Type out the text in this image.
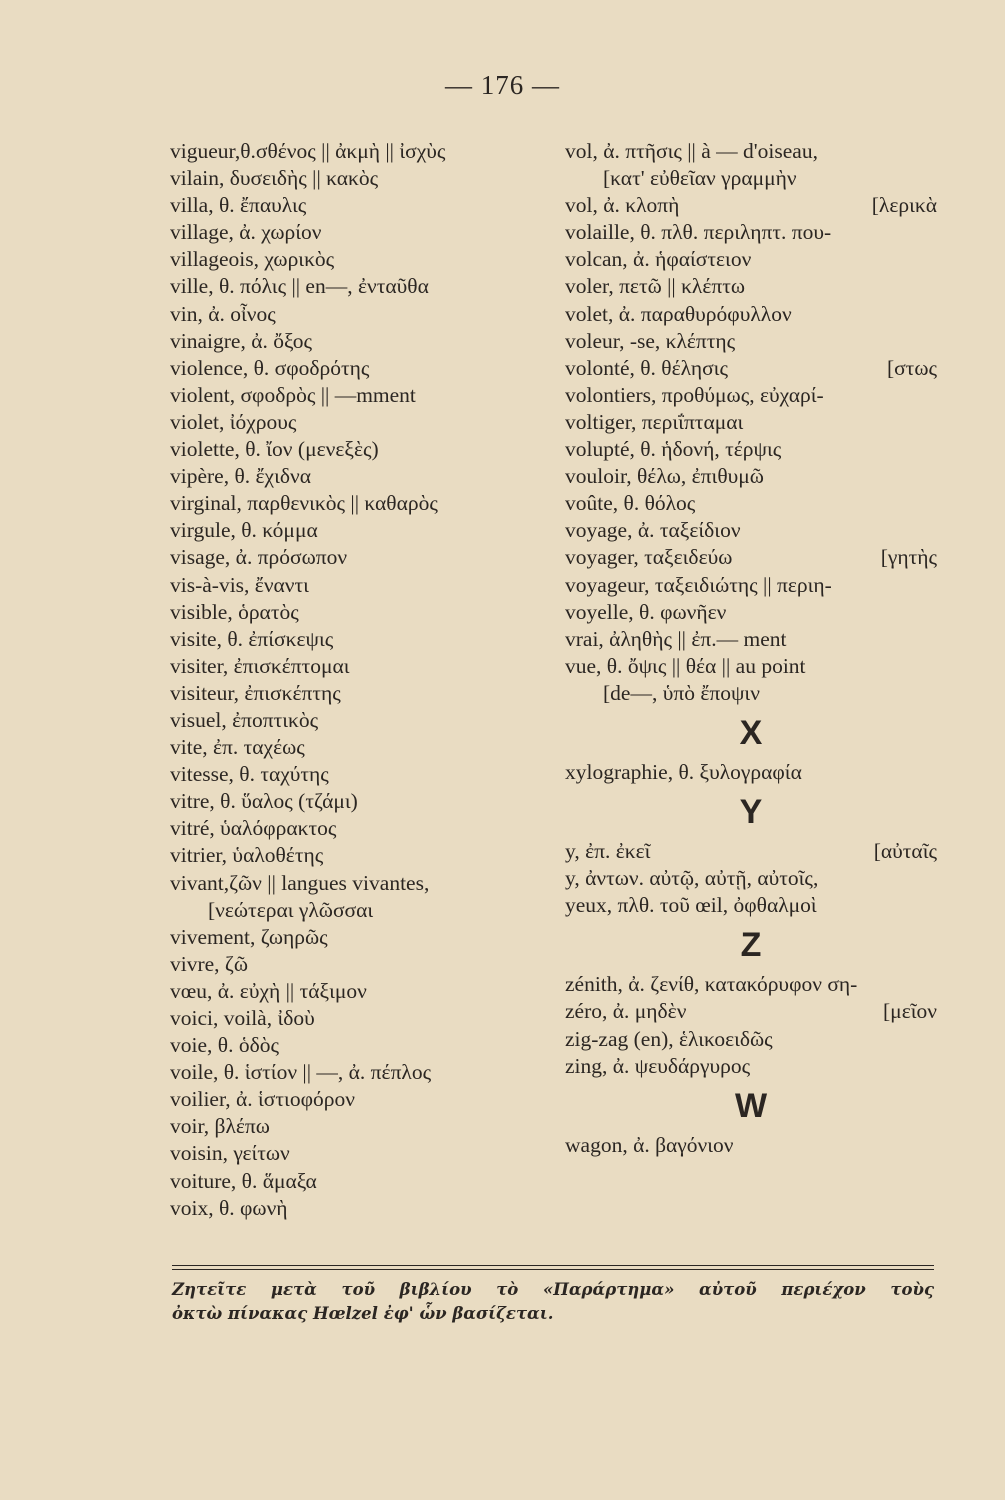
— 176 —
vigueur,θ.σθένος || ἀκμὴ || ἰσχὺς
vilain, δυσειδὴς || κακὸς
villa, θ. ἔπαυλις
village, ἀ. χωρίον
villageois, χωρικὸς
ville, θ. πόλις || en—, ἐνταῦθα
vin, ἀ. οἶνος
vinaigre, ἀ. ὄξος
violence, θ. σφοδρότης
violent, σφοδρὸς || —mment
violet, ἰόχρους
violette, θ. ἴον (μενεξὲς)
vipère, θ. ἔχιδνα
virginal, παρθενικὸς || καθαρὸς
virgule, θ. κόμμα
visage, ἀ. πρόσωπον
vis-à-vis, ἔναντι
visible, ὁρατὸς
visite, θ. ἐπίσκεψις
visiter, ἐπισκέπτομαι
visiteur, ἐπισκέπτης
visuel, ἐποπτικὸς
vite, ἐπ. ταχέως
vitesse, θ. ταχύτης
vitre, θ. ὕαλος (τζάμι)
vitré, ὑαλόφρακτος
vitrier, ὑαλοθέτης
vivant,ζῶν || langues vivantes,
[νεώτεραι γλῶσσαι
vivement, ζωηρῶς
vivre, ζῶ
vœu, ἀ. εὐχὴ || τάξιμον
voici, voilà, ἰδοὺ
voie, θ. ὁδὸς
voile, θ. ἱστίον || —, ἀ. πέπλος
voilier, ἀ. ἱστιοφόρον
voir, βλέπω
voisin, γείτων
voiture, θ. ἅμαξα
voix, θ. φωνὴ
vol, ἀ. πτῆσις || à — d'oiseau,
[κατ' εὐθεῖαν γραμμὴν
vol, ἀ. κλοπὴ	[λερικὰ
volaille, θ. πλθ. περιληπτ. που-
volcan, ἀ. ἡφαίστειον
voler, πετῶ || κλέπτω
volet, ἀ. παραθυρόφυλλον
voleur, -se, κλέπτης
volonté, θ. θέλησις	[στως
volontiers, προθύμως, εὐχαρί-
voltiger, περιΐπταμαι
volupté, θ. ἡδονή, τέρψις
vouloir, θέλω, ἐπιθυμῶ
voûte, θ. θόλος
voyage, ἀ. ταξείδιον
voyager, ταξειδεύω	[γητὴς
voyageur, ταξειδιώτης || περιη-
voyelle, θ. φωνῆεν
vrai, ἀληθὴς || ἐπ.— ment
vue, θ. ὄψις || θέα || au point
[de—, ὑπὸ ἔποψιν
X
xylographie, θ. ξυλογραφία
Y
y, ἐπ. ἐκεῖ	[αὐταῖς
y, ἀντων. αὐτῷ, αὐτῇ, αὐτοῖς,
yeux, πλθ. τοῦ œil, ὀφθαλμοὶ
Z
zénith, ἀ. ζενίθ, κατακόρυφον ση-
zéro, ἀ. μηδὲν	[μεῖον
zig-zag (en), ἑλικοειδῶς
zing, ἀ. ψευδάργυρος
W
wagon, ἀ. βαγόνιον
Ζητεῖτε μετὰ τοῦ βιβλίου τὸ «Παράρτημα» αὐτοῦ περιέχον τοὺς
ὀκτὼ πίνακας Hœlzel ἐφ' ὧν βασίζεται.
